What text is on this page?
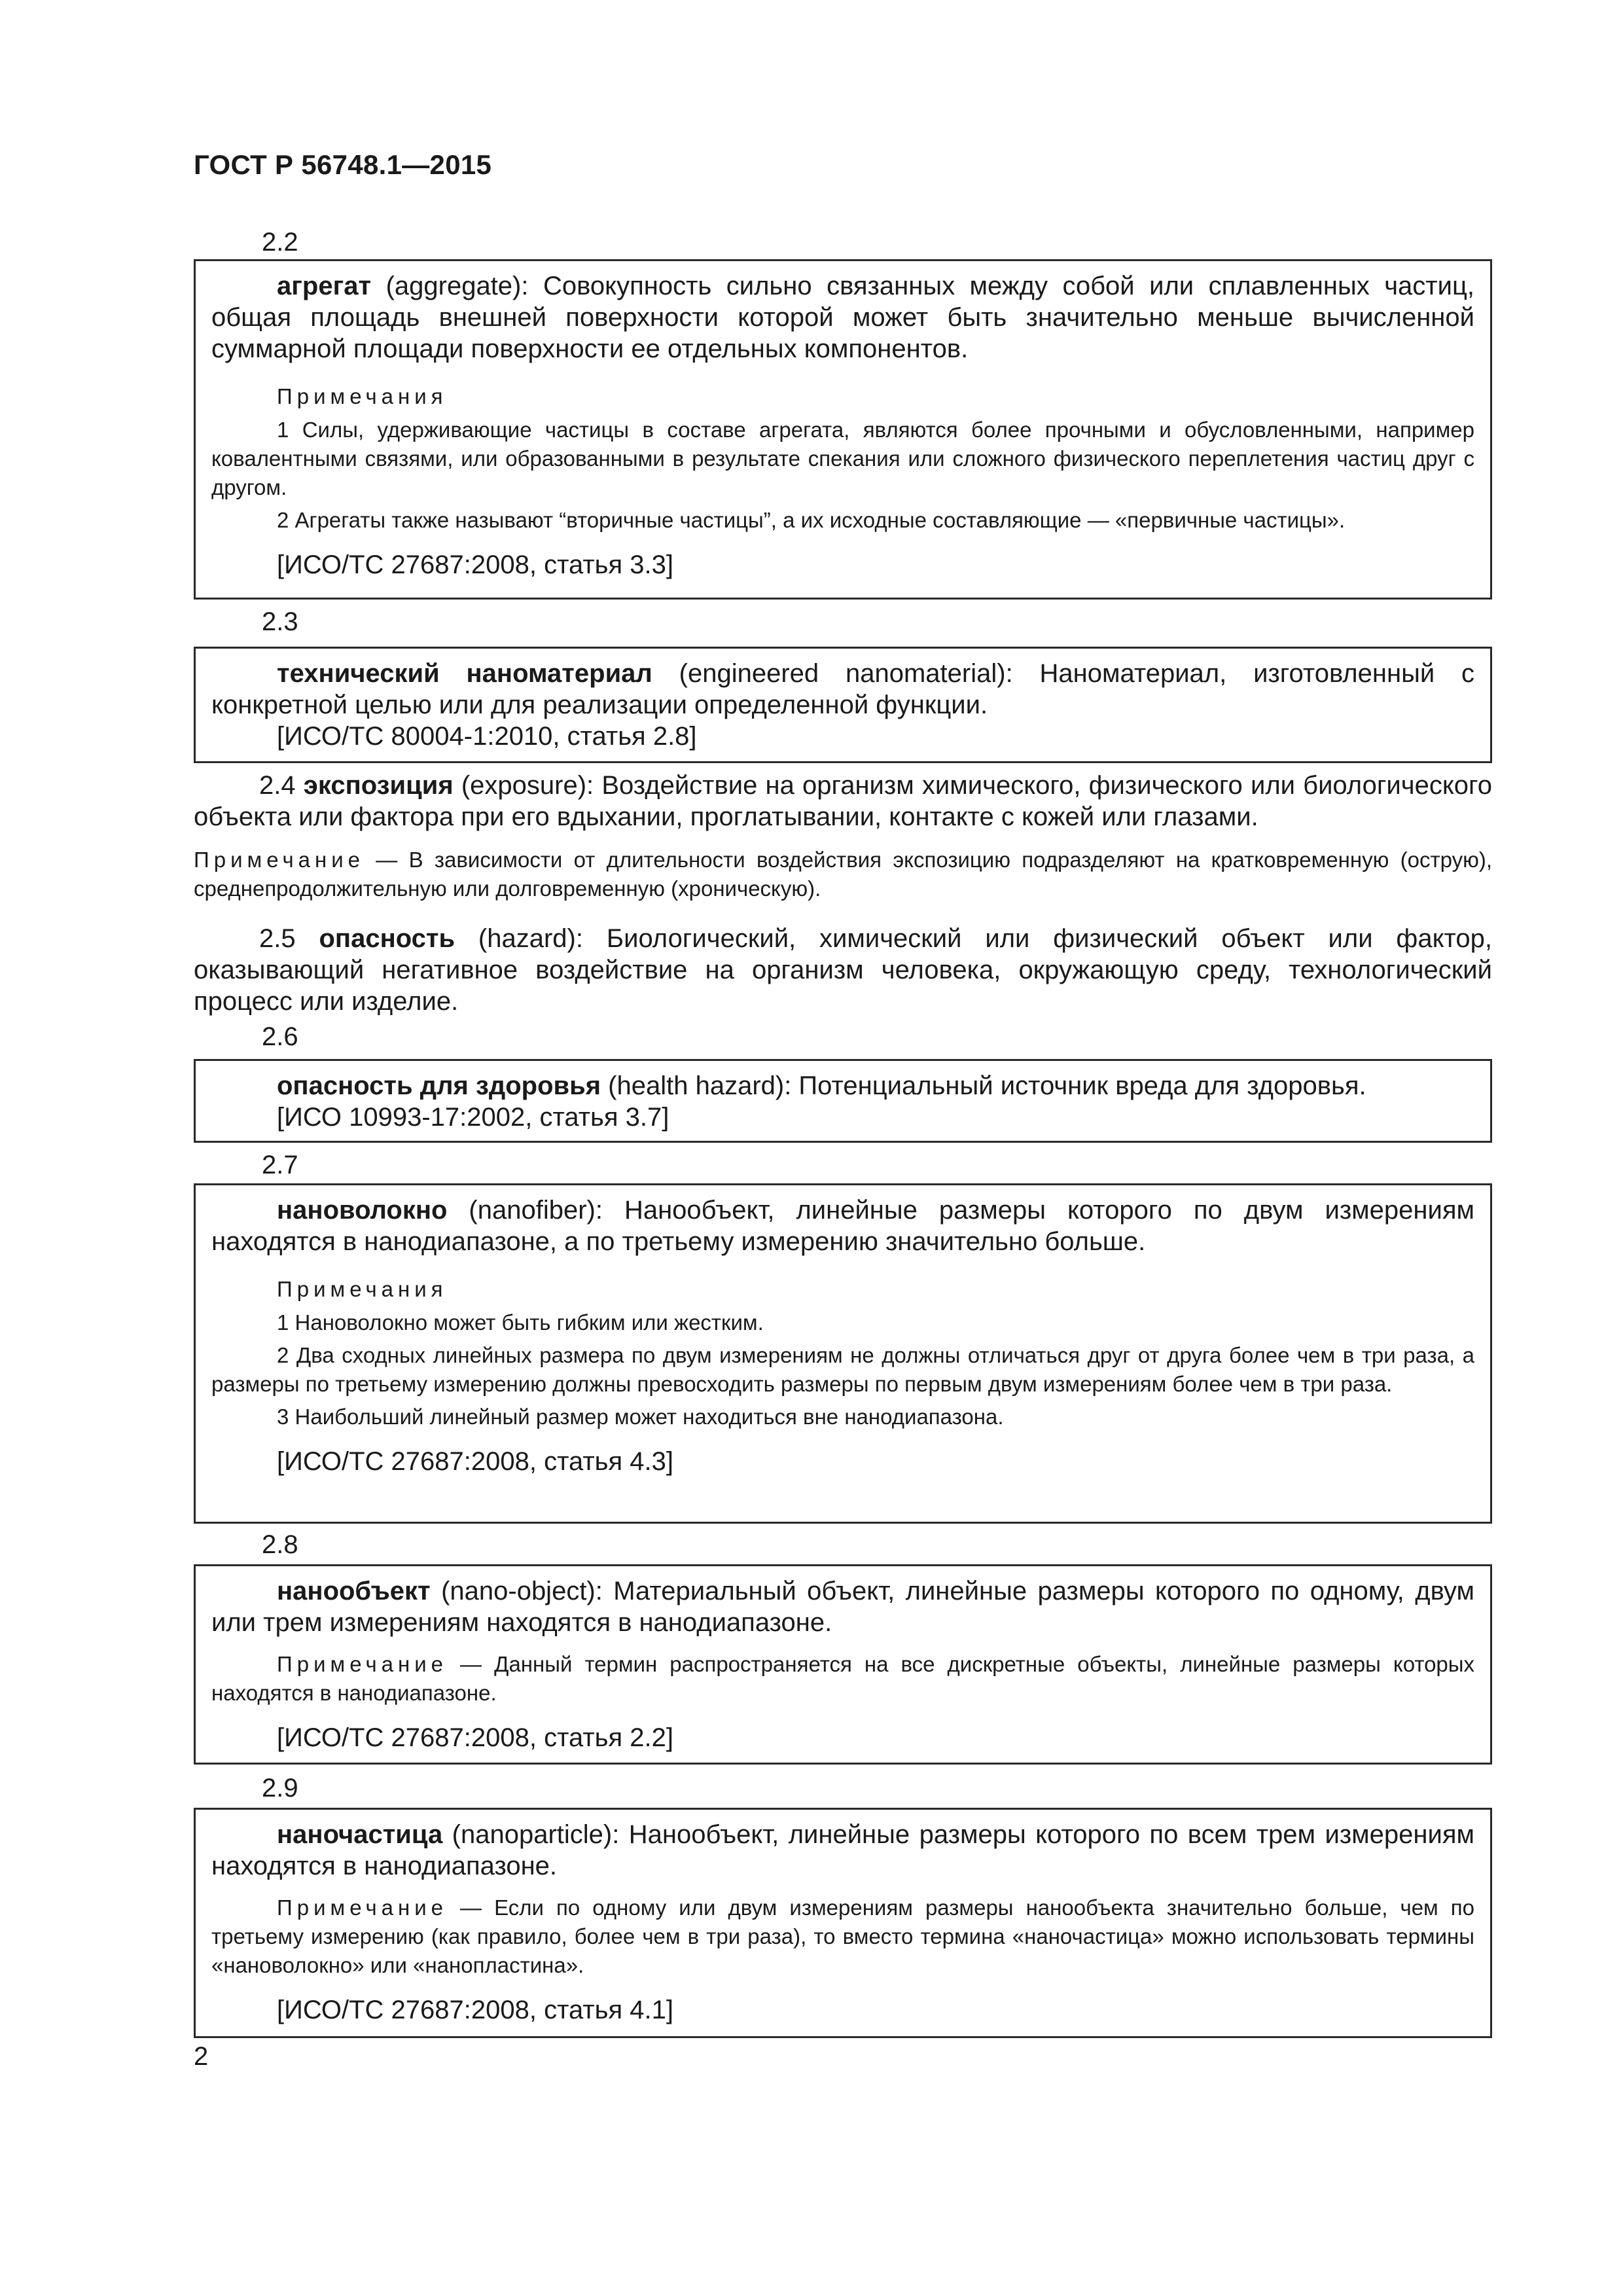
ГОСТ Р 56748.1—2015
2.2

агрегат (aggregate): Совокупность сильно связанных между собой или сплавленных частиц, общая площадь внешней поверхности которой может быть значительно меньше вычисленной суммарной площади поверхности ее отдельных компонентов.

Примечания

1 Силы, удерживающие частицы в составе агрегата, являются более прочными и обусловленными, например ковалентными связями, или образованными в результате спекания или сложного физического переплетения частиц друг с другом.

2 Агрегаты также называют “вторичные частицы”, а их исходные составляющие — «первичные частицы».

[ИСО/ТС 27687:2008, статья 3.3]

2.3

технический наноматериал (engineered nanomaterial): Наноматериал, изготовленный с конкретной целью или для реализации определенной функции.

[ИСО/ТС 80004-1:2010, статья 2.8]

2.4 экспозиция (exposure): Воздействие на организм химического, физического или биологического объекта или фактора при его вдыхании, проглатывании, контакте с кожей или глазами.

Примечание — В зависимости от длительности воздействия экспозицию подразделяют на кратковременную (острую), среднепродолжительную или долговременную (хроническую).

2.5 опасность (hazard): Биологический, химический или физический объект или фактор, оказывающий негативное воздействие на организм человека, окружающую среду, технологический процесс или изделие.

2.6

опасность для здоровья (health hazard): Потенциальный источник вреда для здоровья.

[ИСО 10993-17:2002, статья 3.7]

2.7

нановолокно (nanofiber): Нанообъект, линейные размеры которого по двум измерениям находятся в нанодиапазоне, а по третьему измерению значительно больше.

Примечания

1 Нановолокно может быть гибким или жестким.

2 Два сходных линейных размера по двум измерениям не должны отличаться друг от друга более чем в три раза, а размеры по третьему измерению должны превосходить размеры по первым двум измерениям более чем в три раза.

3 Наибольший линейный размер может находиться вне нанодиапазона.

[ИСО/ТС 27687:2008, статья 4.3]

2.8

нанообъект (nano-object): Материальный объект, линейные размеры которого по одному, двум или трем измерениям находятся в нанодиапазоне.

Примечание — Данный термин распространяется на все дискретные объекты, линейные размеры которых находятся в нанодиапазоне.

[ИСО/ТС 27687:2008, статья 2.2]

2.9

наночастица (nanoparticle): Нанообъект, линейные размеры которого по всем трем измерениям находятся в нанодиапазоне.

Примечание — Если по одному или двум измерениям размеры нанообъекта значительно больше, чем по третьему измерению (как правило, более чем в три раза), то вместо термина «наночастица» можно использовать термины «нановолокно» или «нанопластина».

[ИСО/ТС 27687:2008, статья 4.1]

2
